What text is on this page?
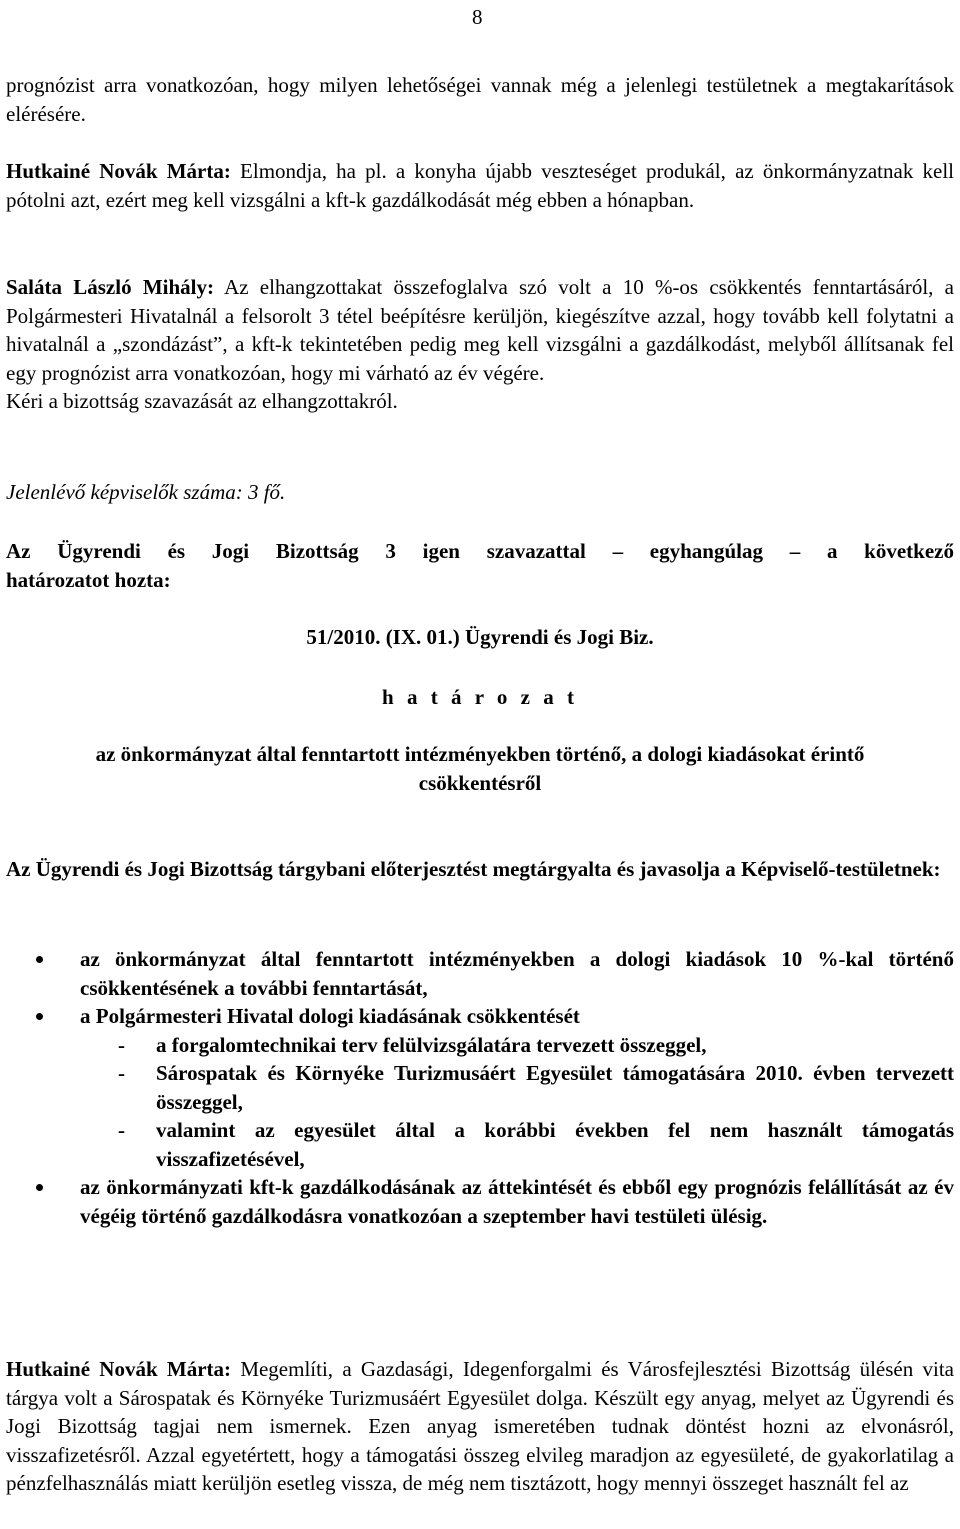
8

prognózist arra vonatkozóan, hogy milyen lehetőségei vannak még a jelenlegi testületnek a megtakarítások elérésére.

Hutkainé Novák Márta: Elmondja, ha pl. a konyha újabb veszteséget produkál, az önkormányzatnak kell pótolni azt, ezért meg kell vizsgálni a kft-k gazdálkodását még ebben a hónapban.

Saláta László Mihály: Az elhangzottakat összefoglalva szó volt a 10 %-os csökkentés fenntartásáról, a Polgármesteri Hivatalnál a felsorolt 3 tétel beépítésre kerüljön, kiegészítve azzal, hogy tovább kell folytatni a hivatalnál a „szondázást”, a kft-k tekintetében pedig meg kell vizsgálni a gazdálkodást, melyből állítsanak fel egy prognózist arra vonatkozóan, hogy mi várható az év végére.

Kéri a bizottság szavazását az elhangzottakról.

Jelenlévő képviselők száma: 3 fő.

Az Ügyrendi és Jogi Bizottság 3 igen szavazattal – egyhangúlag – a következő

határozatot hozta:

51/2010. (IX. 01.) Ügyrendi és Jogi Biz.
h a t á r o z a t

az önkormányzat által fenntartott intézményekben történő, a dologi kiadásokat érintő

csökkentésről

Az Ügyrendi és Jogi Bizottság tárgybani előterjesztést megtárgyalta és javasolja a Képviselő-testületnek:

az önkormányzat által fenntartott intézményekben a dologi kiadások 10 %-kal történő csökkentésének a további fenntartását,
a Polgármesteri Hivatal dologi kiadásának csökkentését
- a forgalomtechnikai terv felülvizsgálatára tervezett összeggel,
- Sárospatak és Környéke Turizmusáért Egyesület támogatására 2010. évben tervezett összeggel,
- valamint az egyesület által a korábbi években fel nem használt támogatás visszafizetésével,
az önkormányzati kft-k gazdálkodásának az áttekintését és ebből egy prognózis felállítását az év végéig történő gazdálkodásra vonatkozóan a szeptember havi testületi ülésig.

Hutkainé Novák Márta: Megemlíti, a Gazdasági, Idegenforgalmi és Városfejlesztési Bizottság ülésén vita tárgya volt a Sárospatak és Környéke Turizmusáért Egyesület dolga. Készült egy anyag, melyet az Ügyrendi és Jogi Bizottság tagjai nem ismernek. Ezen anyag ismeretében tudnak döntést hozni az elvonásról, visszafizetésről. Azzal egyetértett, hogy a támogatási összeg elvileg maradjon az egyesületé, de gyakorlatilag a pénzfelhasználás miatt kerüljön esetleg vissza, de még nem tisztázott, hogy mennyi összeget használt fel az
